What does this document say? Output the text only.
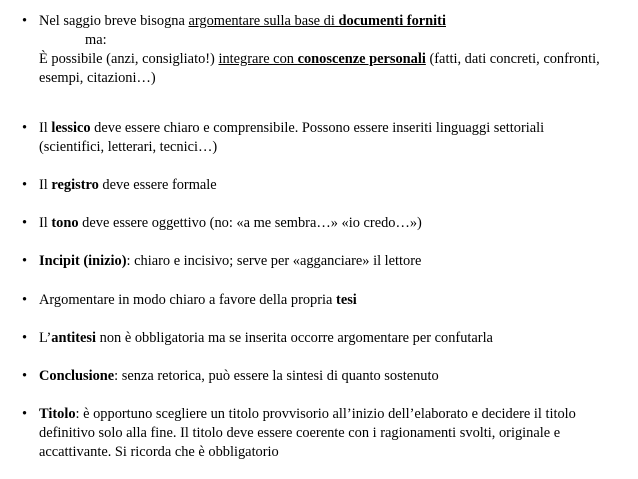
• Nel saggio breve bisogna argomentare sulla base di documenti forniti
ma:
È possibile (anzi, consigliato!) integrare con conoscenze personali (fatti, dati concreti, confronti, esempi, citazioni…)
• Il lessico deve essere chiaro e comprensibile. Possono essere inseriti linguaggi settoriali (scientifici, letterari, tecnici…)
• Il registro deve essere formale
• Il tono deve essere oggettivo (no: «a me sembra…» «io credo…»)
• Incipit (inizio): chiaro e incisivo; serve per «agganciare» il lettore
• Argomentare in modo chiaro a favore della propria tesi
• L’antitesi non è obbligatoria ma se inserita occorre argomentare per confutarla
• Conclusione: senza retorica, può essere la sintesi di quanto sostenuto
• Titolo: è opportuno scegliere un titolo provvisorio all’inizio dell’elaborato e decidere il titolo definitivo solo alla fine. Il titolo deve essere coerente con i ragionamenti svolti, originale e accattivante. Si ricorda che è obbligatorio
